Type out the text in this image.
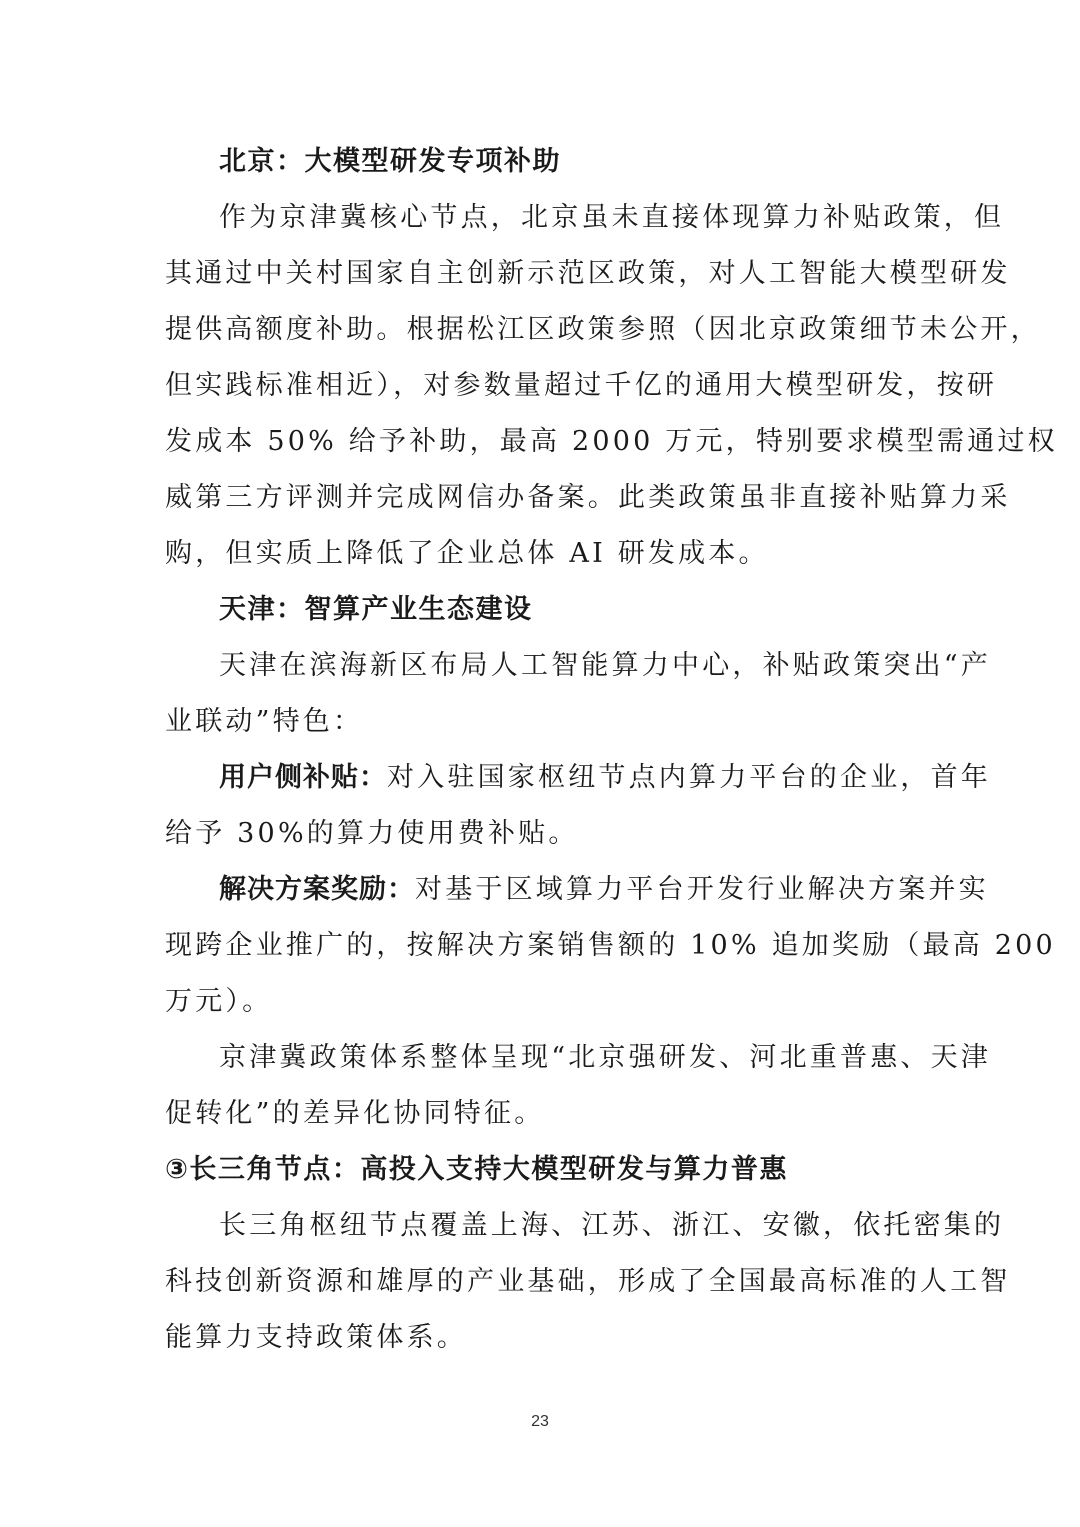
北京：大模型研发专项补助
作为京津冀核心节点，北京虽未直接体现算力补贴政策，但
其通过中关村国家自主创新示范区政策，对人工智能大模型研发
提供高额度补助。根据松江区政策参照（因北京政策细节未公开，
但实践标准相近），对参数量超过千亿的通用大模型研发，按研
发成本 50% 给予补助，最高 2000 万元，特别要求模型需通过权
威第三方评测并完成网信办备案。此类政策虽非直接补贴算力采
购，但实质上降低了企业总体 AI 研发成本。
天津：智算产业生态建设
天津在滨海新区布局人工智能算力中心，补贴政策突出“产
业联动”特色：
用户侧补贴：对入驻国家枢纽节点内算力平台的企业，首年
给予 30%的算力使用费补贴。
解决方案奖励：对基于区域算力平台开发行业解决方案并实
现跨企业推广的，按解决方案销售额的 10% 追加奖励（最高 200
万元）。
京津冀政策体系整体呈现“北京强研发、河北重普惠、天津
促转化”的差异化协同特征。
③长三角节点：高投入支持大模型研发与算力普惠
长三角枢纽节点覆盖上海、江苏、浙江、安徽，依托密集的
科技创新资源和雄厚的产业基础，形成了全国最高标准的人工智
能算力支持政策体系。
23
